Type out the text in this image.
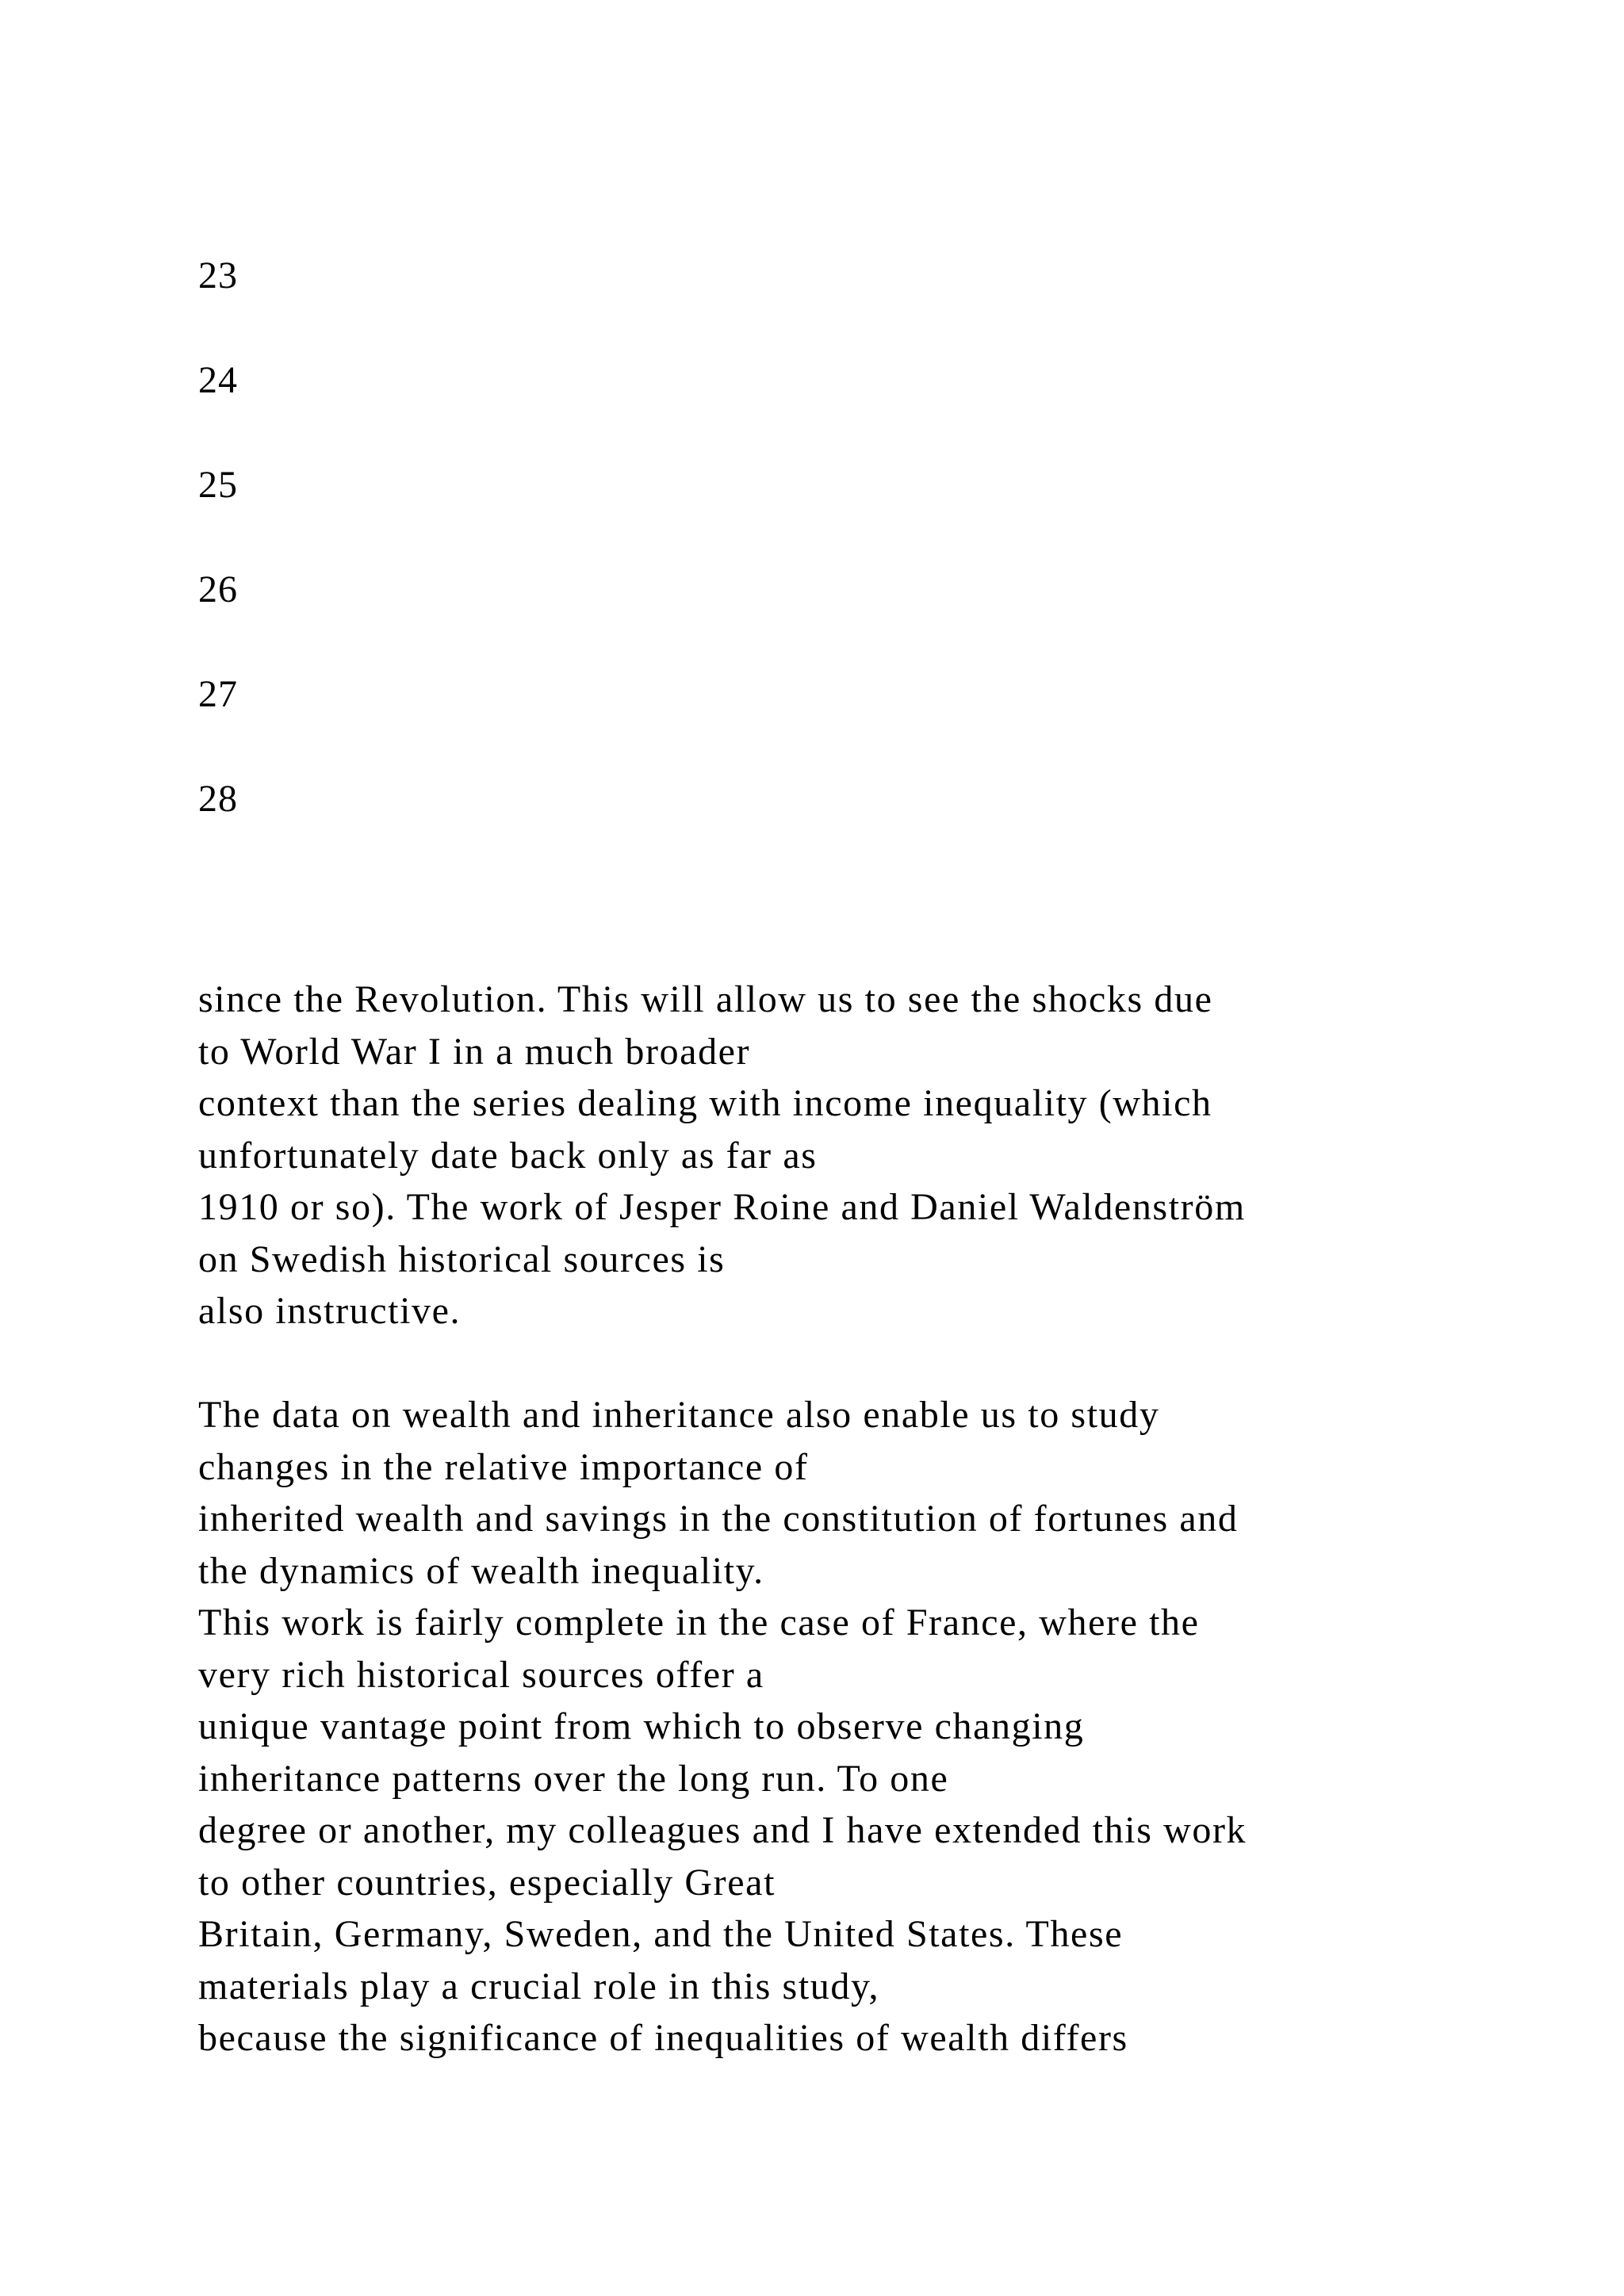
23
24
25
26
27
28
since the Revolution. This will allow us to see the shocks due
to World War I in a much broader
context than the series dealing with income inequality (which
unfortunately date back only as far as
1910 or so). The work of Jesper Roine and Daniel Waldenström
on Swedish historical sources is
also instructive.
The data on wealth and inheritance also enable us to study
changes in the relative importance of
inherited wealth and savings in the constitution of fortunes and
the dynamics of wealth inequality.
This work is fairly complete in the case of France, where the
very rich historical sources offer a
unique vantage point from which to observe changing
inheritance patterns over the long run. To one
degree or another, my colleagues and I have extended this work
to other countries, especially Great
Britain, Germany, Sweden, and the United States. These
materials play a crucial role in this study,
because the significance of inequalities of wealth differs
